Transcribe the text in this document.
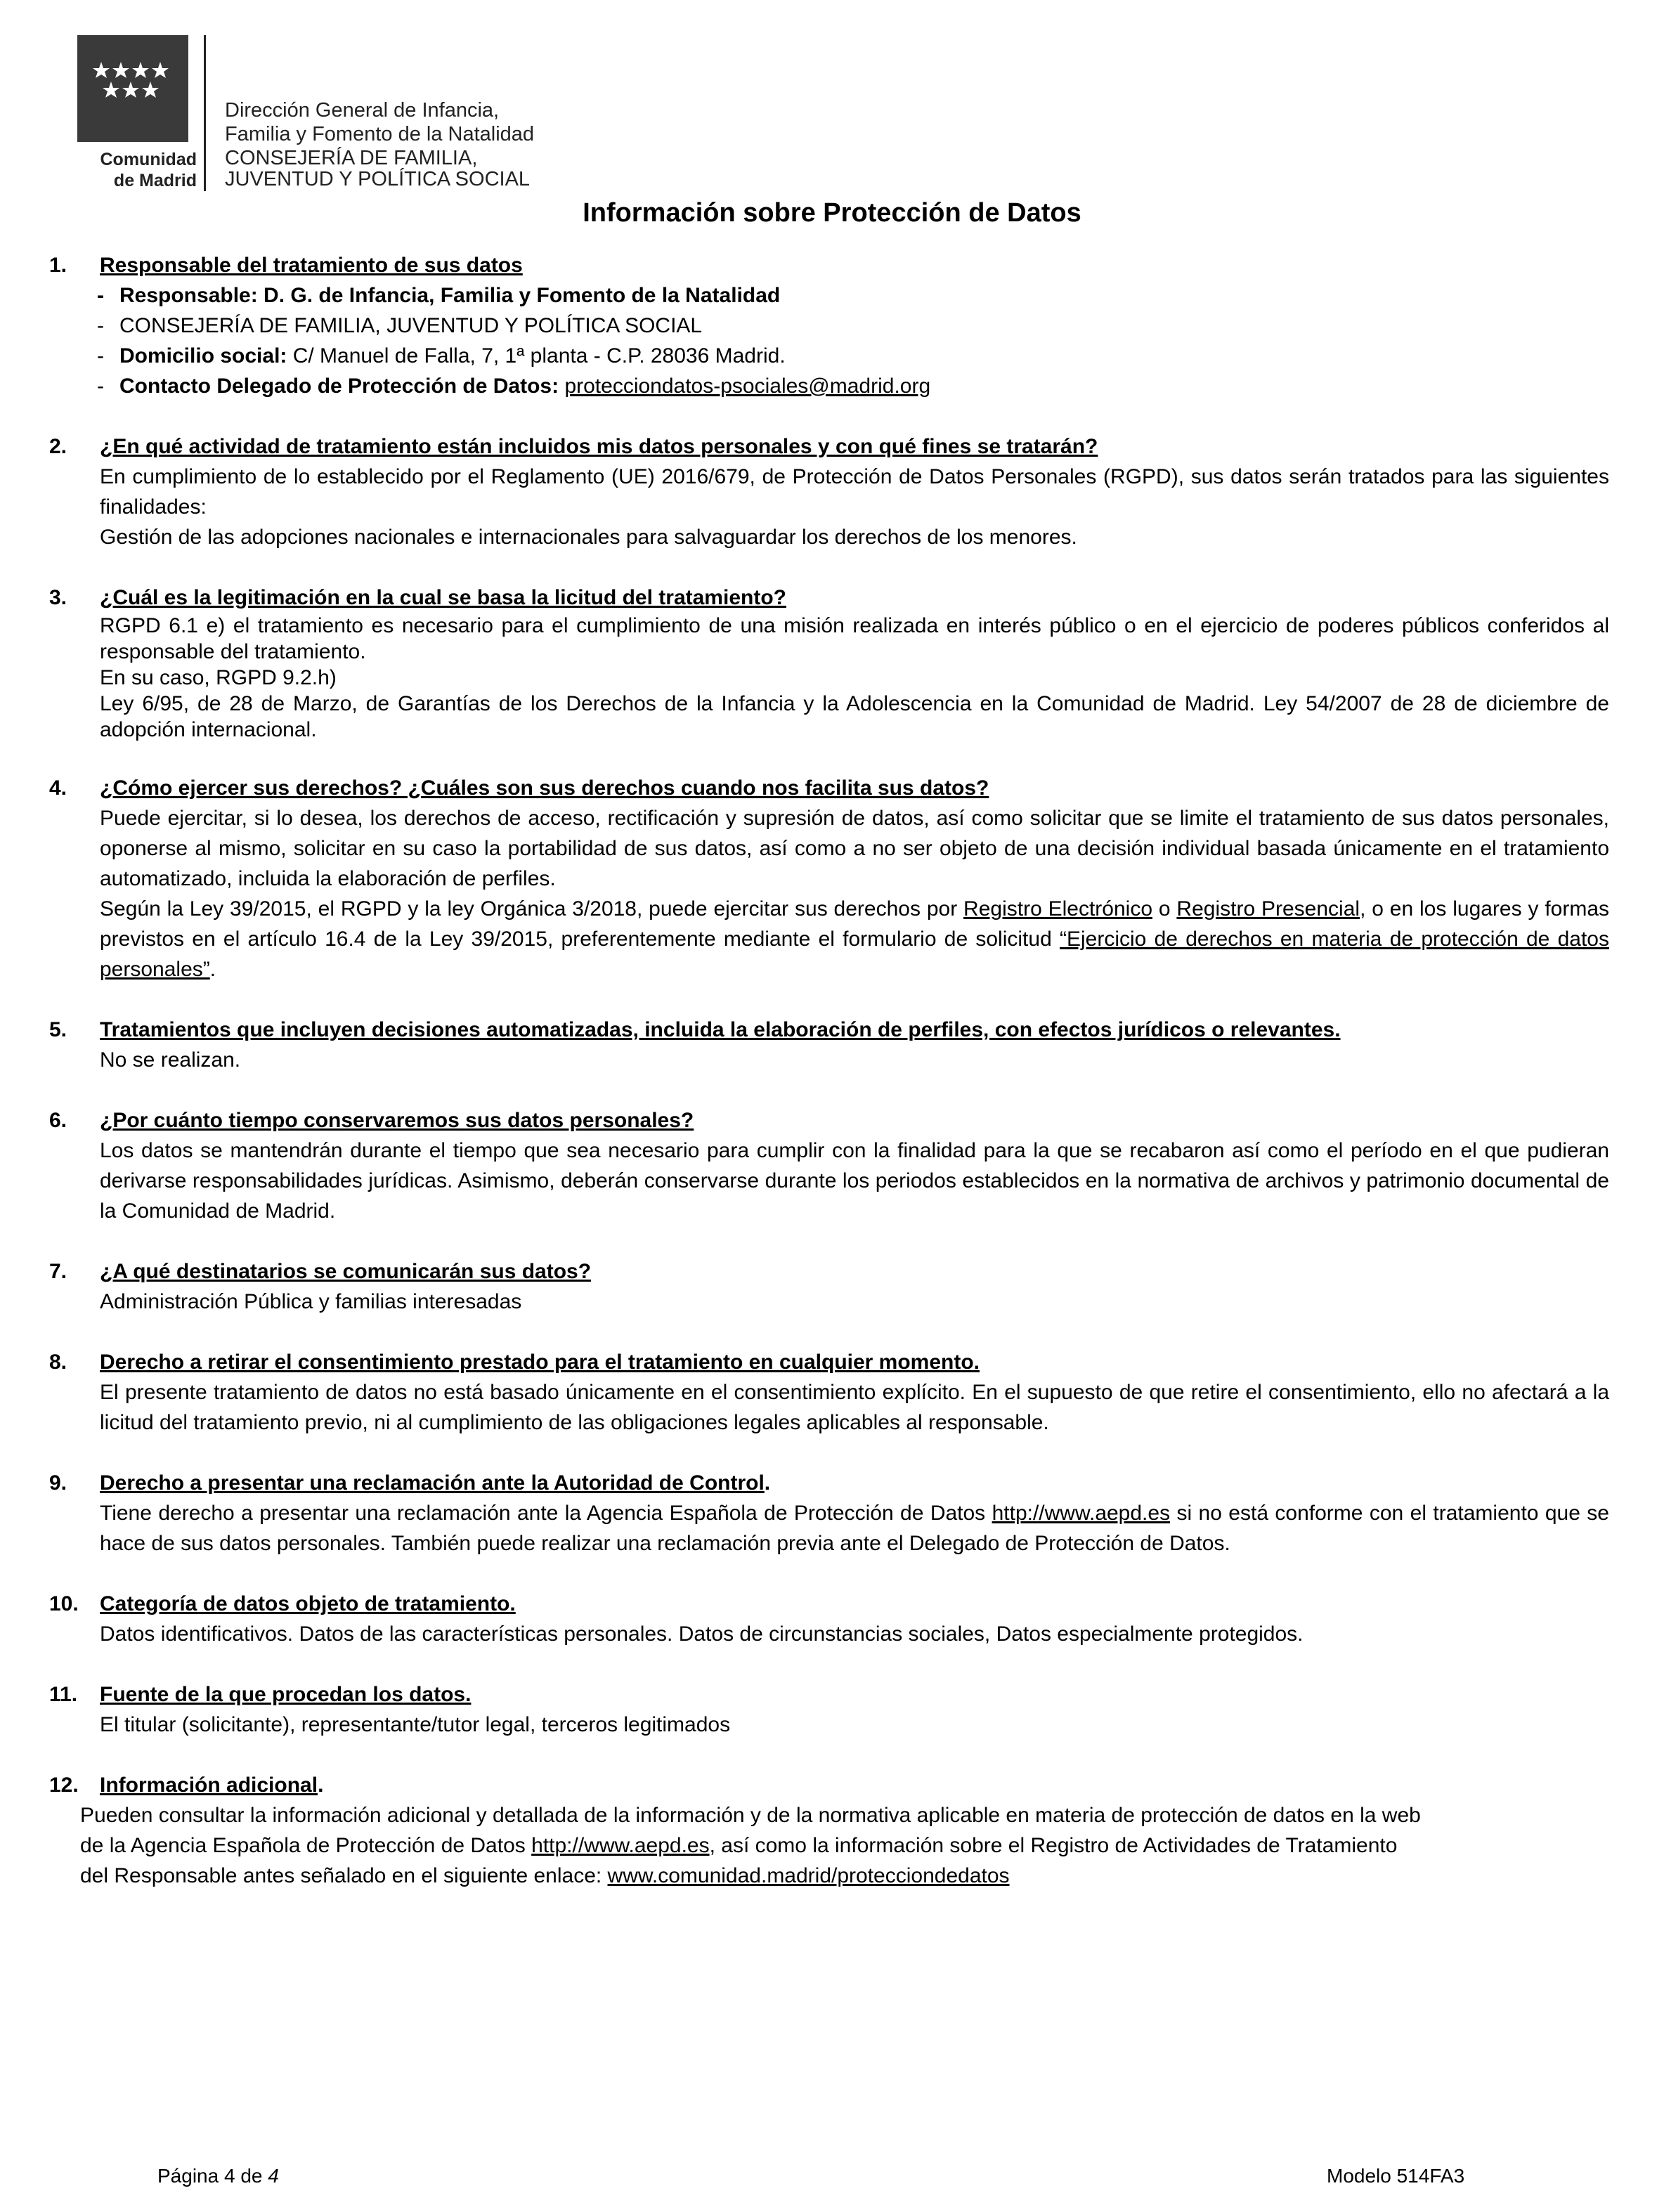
Comunidad
de Madrid
Dirección General de Infancia,
Familia y Fomento de la Natalidad
CONSEJERÍA DE FAMILIA,
JUVENTUD Y POLÍTICA SOCIAL
Información sobre Protección de Datos
1. Responsable del tratamiento de sus datos
- Responsable: D. G. de Infancia, Familia y Fomento de la Natalidad
- CONSEJERÍA DE FAMILIA, JUVENTUD Y POLÍTICA SOCIAL
- Domicilio social: C/ Manuel de Falla, 7, 1ª planta - C.P. 28036 Madrid.
- Contacto Delegado de Protección de Datos: protecciondatos-psociales@madrid.org
2. ¿En qué actividad de tratamiento están incluidos mis datos personales y con qué fines se tratarán?

En cumplimiento de lo establecido por el Reglamento (UE) 2016/679, de Protección de Datos Personales (RGPD), sus datos serán tratados para las siguientes finalidades:

Gestión de las adopciones nacionales e internacionales para salvaguardar los derechos de los menores.

3. ¿Cuál es la legitimación en la cual se basa la licitud del tratamiento?

RGPD 6.1 e) el tratamiento es necesario para el cumplimiento de una misión realizada en interés público o en el ejercicio de poderes públicos conferidos al responsable del tratamiento.

En su caso, RGPD 9.2.h)

Ley 6/95, de 28 de Marzo, de Garantías de los Derechos de la Infancia y la Adolescencia en la Comunidad de Madrid. Ley 54/2007 de 28 de diciembre de adopción internacional.

4. ¿Cómo ejercer sus derechos? ¿Cuáles son sus derechos cuando nos facilita sus datos?

Puede ejercitar, si lo desea, los derechos de acceso, rectificación y supresión de datos, así como solicitar que se limite el tratamiento de sus datos personales, oponerse al mismo, solicitar en su caso la portabilidad de sus datos, así como a no ser objeto de una decisión individual basada únicamente en el tratamiento automatizado, incluida la elaboración de perfiles.

Según la Ley 39/2015, el RGPD y la ley Orgánica 3/2018, puede ejercitar sus derechos por Registro Electrónico o Registro Presencial, o en los lugares y formas previstos en el artículo 16.4 de la Ley 39/2015, preferentemente mediante el formulario de solicitud “Ejercicio de derechos en materia de protección de datos personales”.

5. Tratamientos que incluyen decisiones automatizadas, incluida la elaboración de perfiles, con efectos jurídicos o relevantes.

No se realizan.

6. ¿Por cuánto tiempo conservaremos sus datos personales?

Los datos se mantendrán durante el tiempo que sea necesario para cumplir con la finalidad para la que se recabaron así como el período en el que pudieran derivarse responsabilidades jurídicas. Asimismo, deberán conservarse durante los periodos establecidos en la normativa de archivos y patrimonio documental de la Comunidad de Madrid.

7. ¿A qué destinatarios se comunicarán sus datos?

Administración Pública y familias interesadas

8. Derecho a retirar el consentimiento prestado para el tratamiento en cualquier momento.

El presente tratamiento de datos no está basado únicamente en el consentimiento explícito. En el supuesto de que retire el consentimiento, ello no afectará a la licitud del tratamiento previo, ni al cumplimiento de las obligaciones legales aplicables al responsable.

9. Derecho a presentar una reclamación ante la Autoridad de Control.

Tiene derecho a presentar una reclamación ante la Agencia Española de Protección de Datos http://www.aepd.es si no está conforme con el tratamiento que se hace de sus datos personales. También puede realizar una reclamación previa ante el Delegado de Protección de Datos.

10. Categoría de datos objeto de tratamiento.

Datos identificativos. Datos de las características personales. Datos de circunstancias sociales, Datos especialmente protegidos.

11. Fuente de la que procedan los datos.

El titular (solicitante), representante/tutor legal, terceros legitimados

12. Información adicional.
Pueden consultar la información adicional y detallada de la información y de la normativa aplicable en materia de protección de datos en la web
de la Agencia Española de Protección de Datos http://www.aepd.es, así como la información sobre el Registro de Actividades de Tratamiento
del Responsable antes señalado en el siguiente enlace: www.comunidad.madrid/protecciondedatos
Página 4 de 4	Modelo 514FA3
